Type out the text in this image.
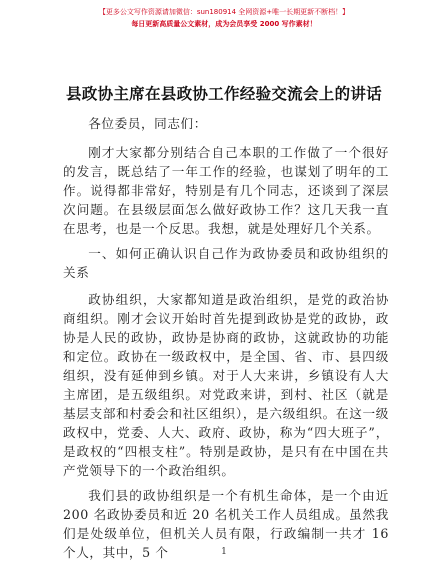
【更多公文写作资源请加微信：sun180914 全网资源+唯一长期更新不断档！】
每日更新高质量公文素材，成为会员享受 2000 写作素材！
县政协主席在县政协工作经验交流会上的讲话

各位委员，同志们：

刚才大家都分别结合自己本职的工作做了一个很好的发言，既总结了一年工作的经验，也谋划了明年的工作。说得都非常好，特别是有几个同志，还谈到了深层次问题。在县级层面怎么做好政协工作？这几天我一直在思考，也是一个反思。我想，就是处理好几个关系。

一、如何正确认识自己作为政协委员和政协组织的关系

政协组织，大家都知道是政治组织，是党的政治协商组织。刚才会议开始时首先提到政协是党的政协，政协是人民的政协，政协是协商的政协，这就政协的功能和定位。政协在一级政权中，是全国、省、市、县四级组织，没有延伸到乡镇。对于人大来讲，乡镇设有人大主席团，是五级组织。对党政来讲，到村、社区（就是基层支部和村委会和社区组织），是六级组织。在这一级政权中，党委、人大、政府、政协，称为“四大班子”，是政权的“四根支柱”。特别是政协，是只有在中国在共产党领导下的一个政治组织。

我们县的政协组织是一个有机生命体，是一个由近 200 名政协委员和近 20 名机关工作人员组成。虽然我们是处级单位，但机关人员有限，行政编制一共才 16 个人，其中，5 个	1
